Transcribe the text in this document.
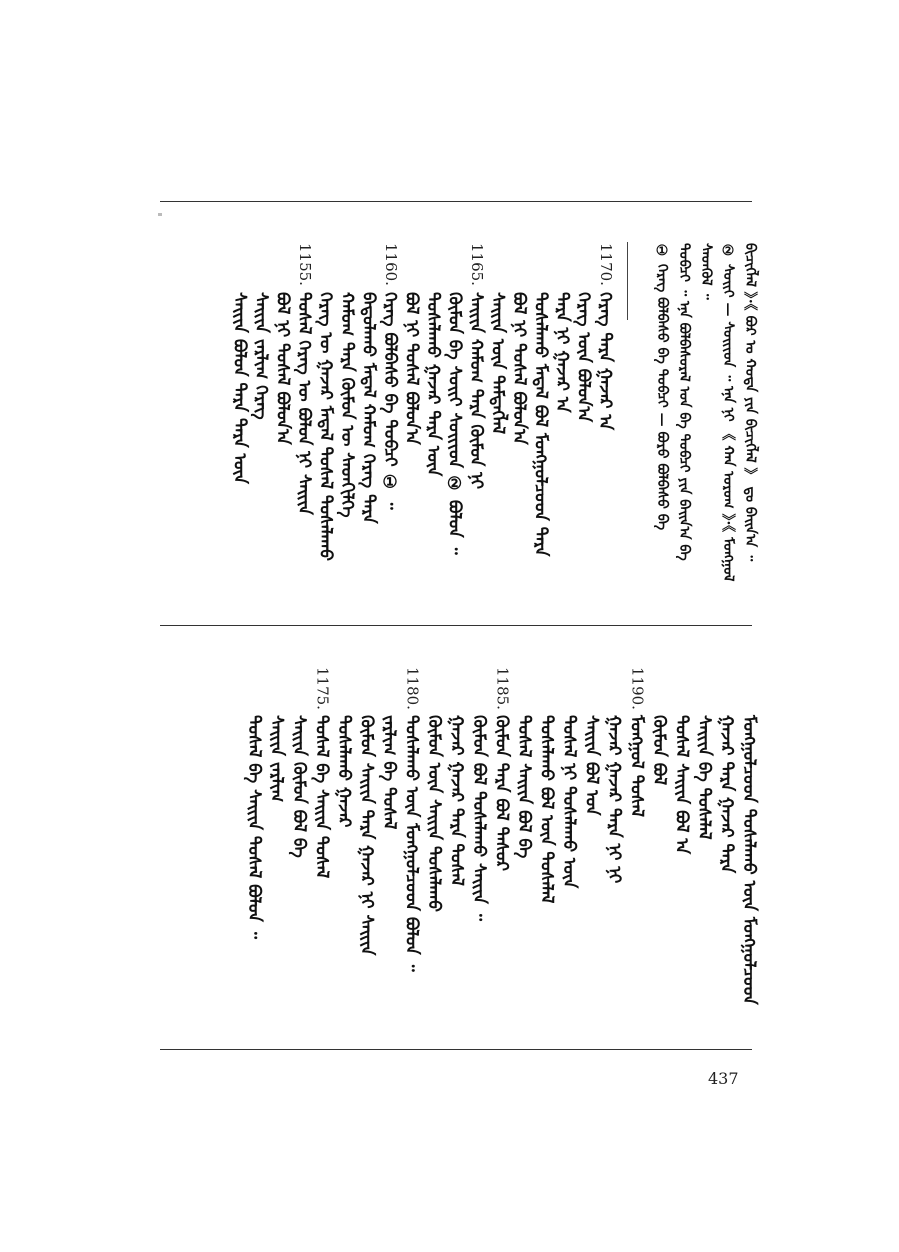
1170.
ᠬᠡᠷᠡᠭ ᠲᠡᠷᠡ ᠭᠠᠵᠠᠷ ᠠ
ᠬᠡᠷᠡᠭ ᠦᠨ ᠪᠣᠯᠤᠨ᠎ᠠ
ᠲᠡᠷᠡ ᠨᠢ ᠭᠠᠵᠠᠷ ᠠ
ᠲᠤᠰᠠᠯᠠᠬᠤ ᠮᠠᠲᠠᠯ ᠪᠣᠯ ᠮᠣᠩᠭᠣᠯᠴᠤᠳ ᠲᠡᠷᠡ
ᠪᠣᠯ ᠨᠢ ᠲᠤᠰᠠᠯ ᠪᠣᠯᠤᠨ᠎ᠠ
ᠰᠠᠢᠢᠨ ᠦᠨ ᠲᠡᠮᠳᠡᠭᠯᠡᠯ
1165.
ᠰᠠᠢᠢᠨ ᠬᠠᠮᠤᠭ ᠲᠡᠷᠡ ᠬᠦᠮᠦᠨ ᠨᠢ
ᠬᠦᠮᠦᠨ ᠪᠡ ᠰᠤᠢᠢ ᠰᠣᠢᠢᠳ ② ᠪᠣᠯᠤᠨ ᠃
ᠲᠤᠰᠠᠯᠠᠬᠤ ᠭᠠᠵᠠᠷ ᠲᠡᠷᠡ ᠦᠨ
ᠪᠣᠯ ᠨᠢ ᠲᠤᠰᠠᠯ ᠪᠣᠯᠤᠨ᠎ᠠ
1160.
ᠬᠡᠷᠡᠭ ᠪᠣᠯᠪᠠᠰᠤ ᠪᠠ ᠲᠣᠪᠴᠢ ① ᠃
ᠪᠠᠲᠤᠯᠠᠬᠤ ᠮᠠᠲᠠᠯ ᠬᠠᠮᠤᠭ ᠬᠡᠷᠡᠭ ᠲᠡᠷᠡ
ᠬᠠᠮᠤᠭ ᠲᠡᠷᠡ ᠬᠦᠮᠦᠨ ᠦ ᠰᠡᠳᠬᠢᠯᠭᠡ
ᠬᠡᠷᠡᠭ ᠦ ᠭᠠᠵᠠᠷ ᠮᠠᠲᠠᠯ ᠲᠤᠰᠠᠯ ᠲᠤᠰᠠᠯᠠᠬᠤ
1155.
ᠲᠤᠰᠠᠯ ᠬᠡᠷᠡᠭ ᠦ ᠪᠣᠯᠤᠨ ᠨᠢ ᠰᠠᠢᠢᠨ
ᠪᠣᠯ ᠨᠢ ᠲᠤᠰᠠᠯ ᠪᠣᠯᠤᠨ᠎ᠠ
ᠰᠠᠢᠢᠨ ᠵᠠᠷᠯᠢᠭ ᠬᠡᠷᠡᠭ
ᠰᠠᠢᠢᠨ ᠪᠣᠯᠤᠨ ᠲᠡᠷᠡ ᠲᠡᠷᠡ ᠦᠨ
ᠮᠣᠩᠭᠣᠯᠴᠤᠳ ᠲᠤᠰᠠᠯᠠᠬᠤ ᠦᠨ ᠮᠣᠩᠭᠣᠯᠴᠤᠳ
ᠭᠠᠵᠠᠷ ᠲᠡᠷᠡ ᠭᠠᠵᠠᠷ ᠲᠡᠷᠡ
ᠰᠠᠢᠢᠨ ᠪᠠ ᠲᠤᠰᠠᠯᠠᠯ
ᠲᠤᠰᠠᠯ ᠰᠠᠢᠢᠨ ᠪᠣᠯ ᠠ
ᠬᠦᠮᠦᠨ ᠪᠣᠯ
1190.
ᠮᠣᠩᠭᠣᠯ ᠲᠤᠰᠠᠯ
ᠭᠠᠵᠠᠷ ᠭᠠᠵᠠᠷ ᠲᠡᠷᠡ ᠨᠢ ᠨᠢ
ᠰᠠᠢᠢᠨ ᠪᠣᠯ ᠤᠨ
ᠲᠤᠰᠠᠯ ᠨᠢ ᠲᠤᠰᠠᠯᠠᠬᠤ ᠦᠨ
ᠲᠤᠰᠠᠯᠠᠬᠤ ᠪᠣᠯ ᠦᠨ ᠲᠤᠰᠠᠯᠠᠯ
ᠲᠤᠰᠠᠯ ᠰᠠᠢᠢᠨ ᠪᠣᠯ ᠪᠠ
1185.
ᠬᠦᠮᠦᠨ ᠲᠡᠷᠡ ᠪᠣᠯ ᠲᠠᠰᠤᠷ
ᠬᠦᠮᠦᠨ ᠪᠣᠯ ᠲᠤᠰᠠᠯᠠᠬᠤ ᠰᠠᠢᠢᠨ ᠃
ᠭᠠᠵᠠᠷ ᠭᠠᠵᠠᠷ ᠲᠡᠷᠡ ᠲᠤᠰᠠᠯ
ᠬᠦᠮᠦᠨ ᠦᠨ ᠰᠠᠢᠢᠨ ᠲᠤᠰᠠᠯᠠᠬᠤ
1180.
ᠲᠤᠰᠠᠯᠠᠬᠤ ᠦᠨ ᠮᠣᠩᠭᠣᠯᠴᠤᠳ ᠪᠣᠯᠤᠨ ᠃
ᠵᠠᠷᠯᠢᠭ ᠪᠠ ᠲᠤᠰᠠᠯ
ᠬᠦᠮᠦᠨ ᠰᠠᠢᠢᠨ ᠲᠡᠷᠡ ᠭᠠᠵᠠᠷ ᠨᠢ ᠰᠠᠢᠢᠨ
ᠲᠤᠰᠠᠯᠠᠬᠤ ᠭᠠᠵᠠᠷ
1175.
ᠲᠤᠰᠠᠯ ᠪᠠ ᠰᠠᠢᠢᠨ ᠲᠤᠰᠠᠯ
ᠰᠠᠢᠢᠨ ᠬᠦᠮᠦᠨ ᠪᠣᠯ ᠪᠠ
ᠰᠠᠢᠢᠨ ᠵᠠᠷᠯᠢᠭ
ᠲᠤᠰᠠᠯ ᠪᠠ ᠰᠠᠢᠢᠨ ᠲᠤᠰᠠᠯ ᠪᠣᠯᠤᠨ ᠃
ᠪᠢᠴᠢᠭᠯᠡᠯ 》·《 ᠪᠣᠷ ᠣ ᠬᠣᠲᠠ ᠶᠢᠨ ᠪᠢᠴᠢᠭᠯᠡᠯ 》 ᠳᠤ ᠪᠠᠢᠨ᠎ᠠ ᠃
② ᠰᠤᠢᠢ — ᠰᠣᠢᠢᠳ ᠃ ᠡᠨᠡ ᠨᠢ 《 ᠬᠠᠨ ᠣᠷᠤᠭ 》·《 ᠮᠣᠩᠭᠣᠯ
ᠰᠡᠳᠬᠦᠯ ᠃
ᠲᠣᠪᠴᠢ ᠃ ᠡᠨᠡ ᠪᠣᠯᠪᠠᠰᠤᠷᠠᠯ ᠤᠨ ᠪᠠ ᠲᠣᠪᠴᠢ ᠶᠢᠨ ᠪᠠᠢᠨ᠎ᠠ ᠪᠠ
① ᠬᠡᠷᠡᠭ ᠪᠣᠯᠪᠠᠰᠤ ᠪᠠ ᠲᠣᠪᠴᠢ — ᠪᠣᠷᠣ ᠪᠣᠯᠪᠠᠰᠤ ᠪᠠ
437
